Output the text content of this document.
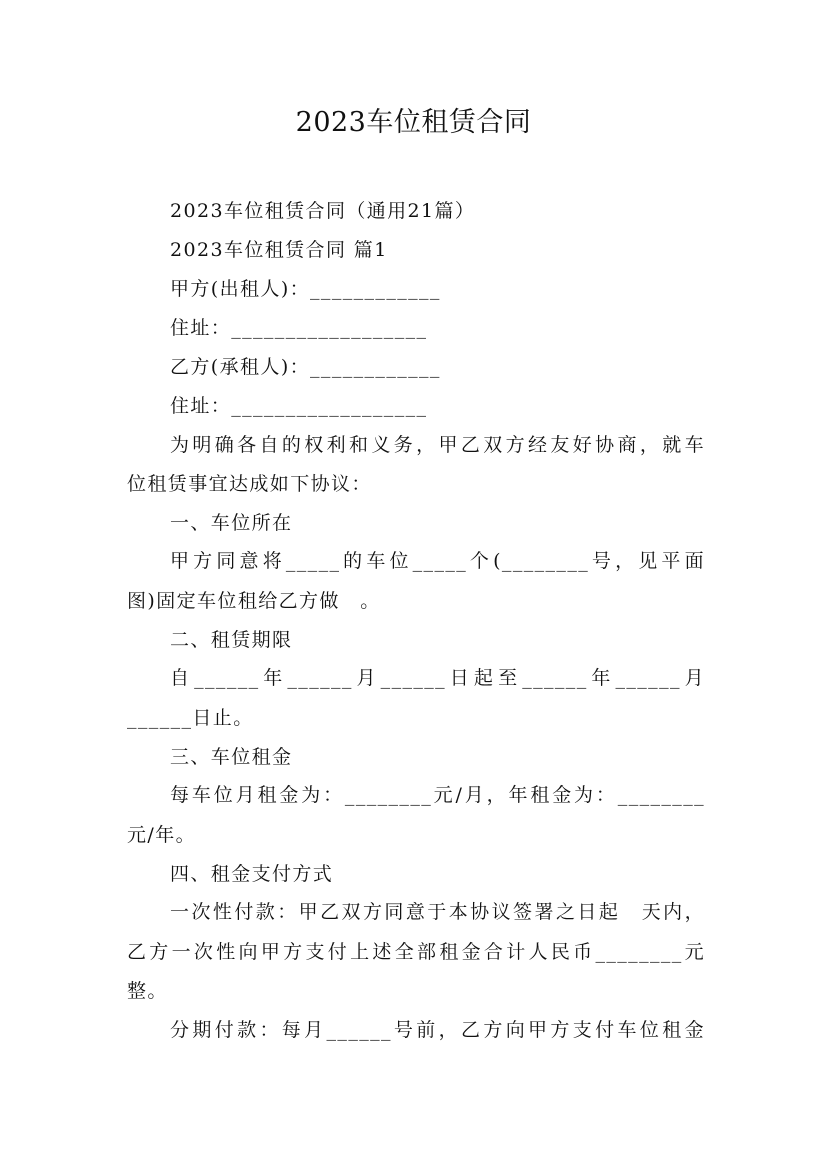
2023车位租赁合同
2023车位租赁合同（通用21篇）
2023车位租赁合同 篇1
甲方(出租人)：____________
住址：__________________
乙方(承租人)：____________
住址：__________________
为明确各自的权利和义务，甲乙双方经友好协商，就车
位租赁事宜达成如下协议：
一、车位所在
甲方同意将_____的车位_____个(________号，见平面
图)固定车位租给乙方做　。
二、租赁期限
自______年______月______日起至______年______月
______日止。
三、车位租金
每车位月租金为：________元/月，年租金为：________
元/年。
四、租金支付方式
一次性付款：甲乙双方同意于本协议签署之日起　天内，
乙方一次性向甲方支付上述全部租金合计人民币________元
整。
分期付款：每月______号前，乙方向甲方支付车位租金
